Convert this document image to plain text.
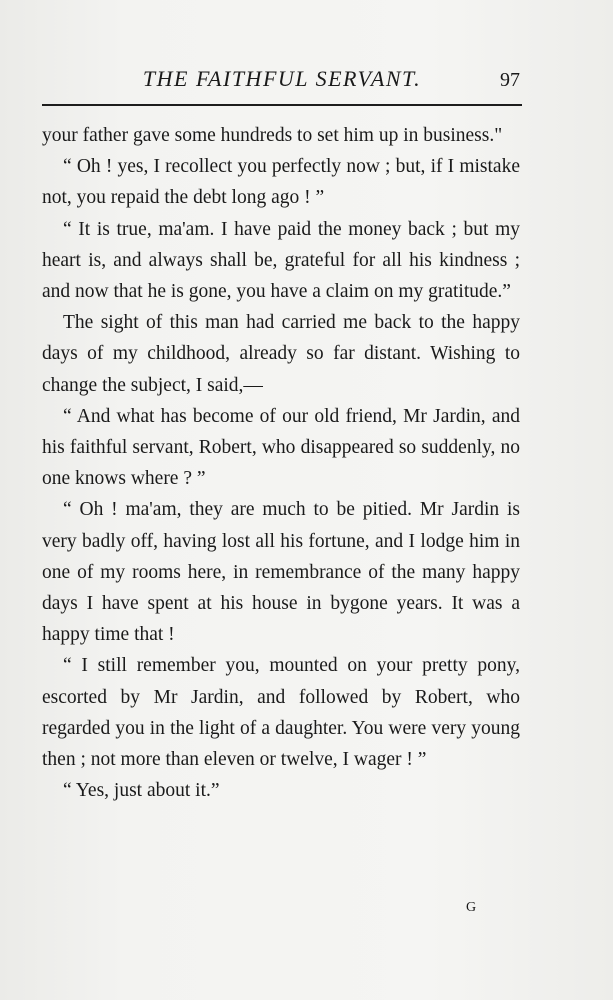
THE FAITHFUL SERVANT.	97

your father gave some hundreds to set him up in business."

“ Oh ! yes, I recollect you perfectly now ; but, if I mistake not, you repaid the debt long ago ! ”

“ It is true, ma'am. I have paid the money back ; but my heart is, and always shall be, grateful for all his kindness ; and now that he is gone, you have a claim on my gratitude.”

The sight of this man had carried me back to the happy days of my childhood, already so far distant. Wishing to change the subject, I said,—

“ And what has become of our old friend, Mr Jardin, and his faithful servant, Robert, who disappeared so suddenly, no one knows where ? ”

“ Oh ! ma'am, they are much to be pitied. Mr Jardin is very badly off, having lost all his fortune, and I lodge him in one of my rooms here, in remembrance of the many happy days I have spent at his house in bygone years. It was a happy time that !

“ I still remember you, mounted on your pretty pony, escorted by Mr Jardin, and followed by Robert, who regarded you in the light of a daughter. You were very young then ; not more than eleven or twelve, I wager ! ”

“ Yes, just about it.”

G
